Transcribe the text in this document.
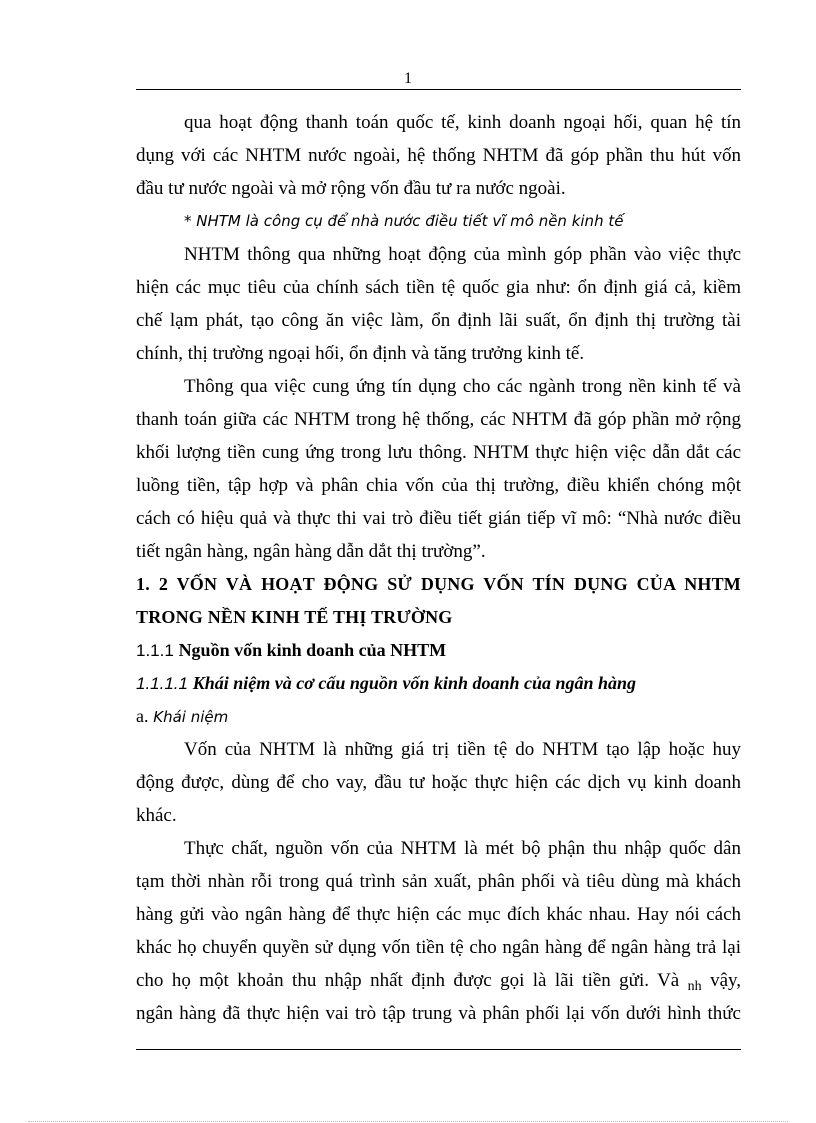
1
qua hoạt động thanh toán quốc tế, kinh doanh ngoại hối, quan hệ tín
dụng với các NHTM nước ngoài, hệ thống NHTM đã góp phần thu hút vốn
đầu tư nước ngoài và mở rộng vốn đầu tư ra nước ngoài.
* NHTM là công cụ để nhà nước điều tiết vĩ mô nền kinh tế
NHTM thông qua những hoạt động của mình góp phần vào việc thực
hiện các mục tiêu của chính sách tiền tệ quốc gia như: ổn định giá cả, kiềm
chế lạm phát, tạo công ăn việc làm, ổn định lãi suất, ổn định thị trường tài
chính, thị trường ngoại hối, ổn định và tăng trưởng kinh tế.
Thông qua việc cung ứng tín dụng cho các ngành trong nền kinh tế và
thanh toán giữa các NHTM trong hệ thống, các NHTM đã góp phần mở rộng
khối lượng tiền cung ứng trong lưu thông. NHTM thực hiện việc dẫn dắt các
luồng tiền, tập hợp và phân chia vốn của thị trường, điều khiển chóng một
cách có hiệu quả và thực thi vai trò điều tiết gián tiếp vĩ mô: “Nhà nước điều
tiết ngân hàng, ngân hàng dẫn dắt thị trường”.
1. 2 VỐN VÀ HOẠT ĐỘNG SỬ DỤNG VỐN TÍN DỤNG CỦA NHTM
TRONG NỀN KINH TẾ THỊ TRƯỜNG
1.1.1 Nguồn vốn kinh doanh của NHTM
1.1.1.1 Khái niệm và cơ cấu nguồn vốn kinh doanh của ngân hàng
a. Khái niệm
Vốn của NHTM là những giá trị tiền tệ do NHTM tạo lập hoặc huy
động được, dùng để cho vay, đầu tư hoặc thực hiện các dịch vụ kinh doanh
khác.
Thực chất, nguồn vốn của NHTM là mét bộ phận thu nhập quốc dân
tạm thời nhàn rỗi trong quá trình sản xuất, phân phối và tiêu dùng mà khách
hàng gửi vào ngân hàng để thực hiện các mục đích khác nhau. Hay nói cách
khác họ chuyển quyền sử dụng vốn tiền tệ cho ngân hàng để ngân hàng trả lại
cho họ một khoản thu nhập nhất định được gọi là lãi tiền gửi. Và $_{nh}$ vậy,
ngân hàng đã thực hiện vai trò tập trung và phân phối lại vốn dưới hình thức
